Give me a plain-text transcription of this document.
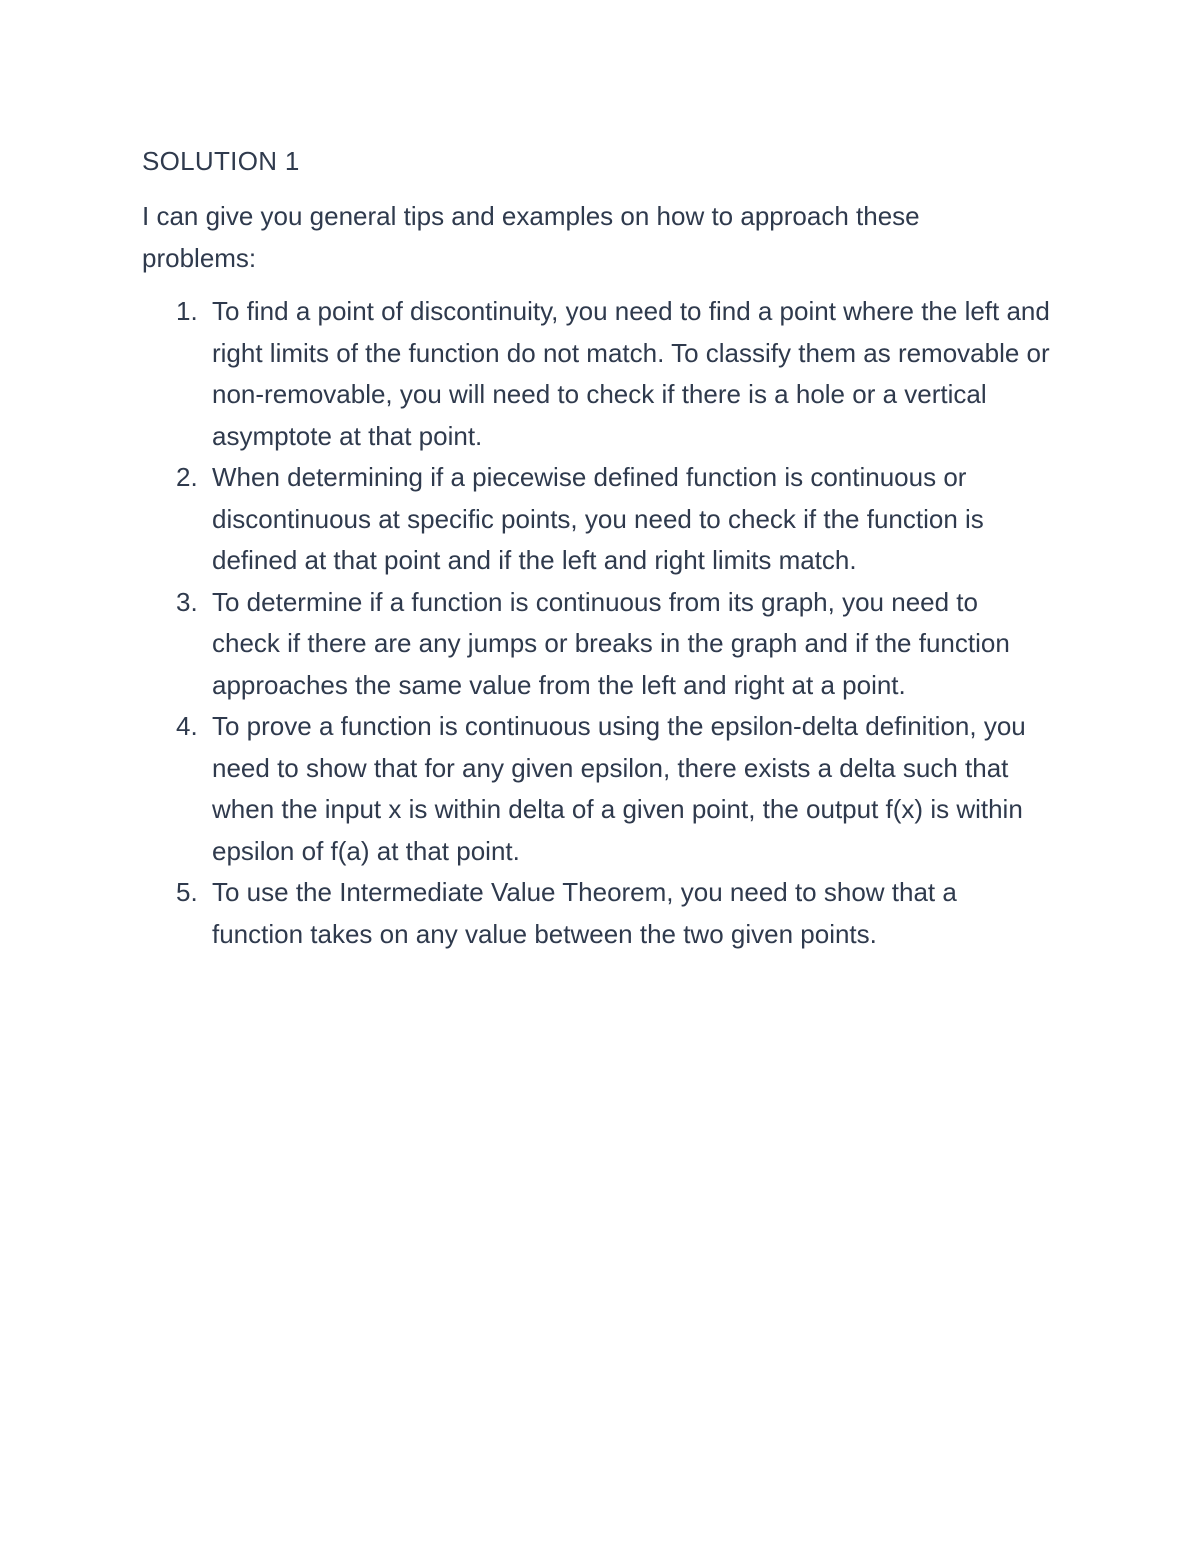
SOLUTION 1
I can give you general tips and examples on how to approach these problems:
1. To find a point of discontinuity, you need to find a point where the left and right limits of the function do not match. To classify them as removable or non-removable, you will need to check if there is a hole or a vertical asymptote at that point.
2. When determining if a piecewise defined function is continuous or discontinuous at specific points, you need to check if the function is defined at that point and if the left and right limits match.
3. To determine if a function is continuous from its graph, you need to check if there are any jumps or breaks in the graph and if the function approaches the same value from the left and right at a point.
4. To prove a function is continuous using the epsilon-delta definition, you need to show that for any given epsilon, there exists a delta such that when the input x is within delta of a given point, the output f(x) is within epsilon of f(a) at that point.
5. To use the Intermediate Value Theorem, you need to show that a function takes on any value between the two given points.
